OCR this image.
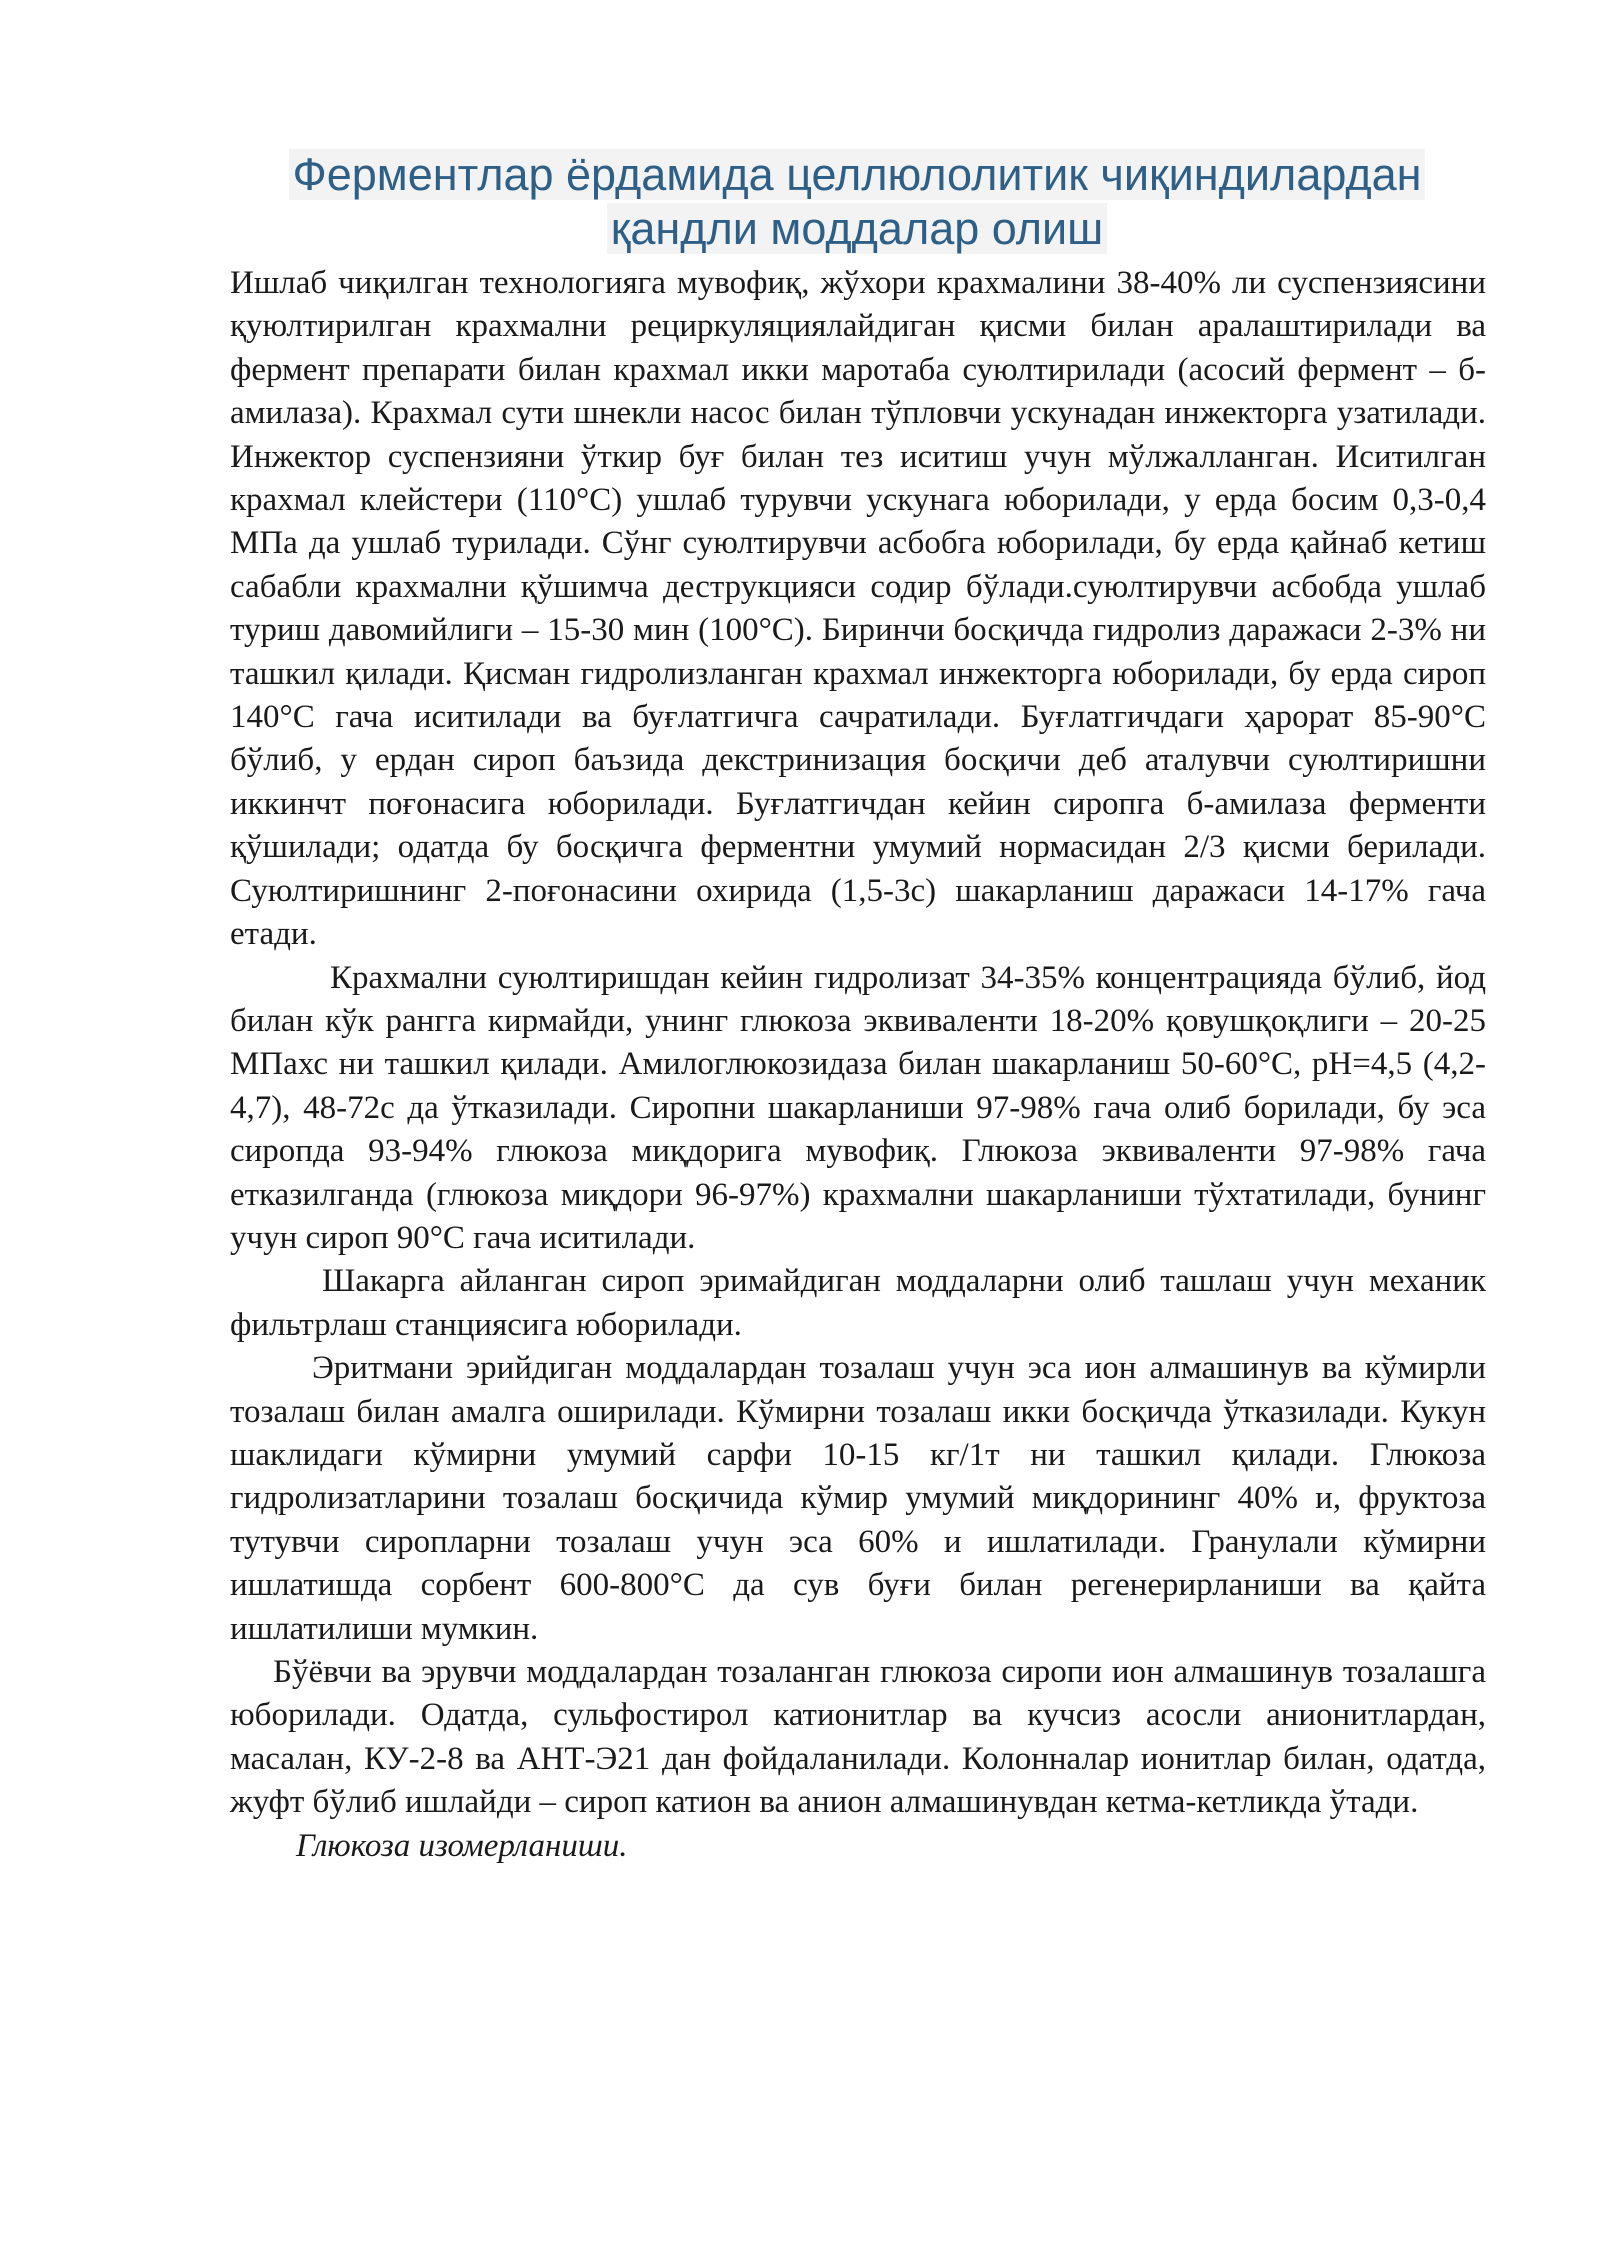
Ферментлар ёрдамида целлюлолитик чиқиндилардан
қандли моддалар олиш

Ишлаб чиқилган технологияга мувофиқ, жўхори крахмалини 38-40% ли суспензиясини қуюлтирилган крахмални рециркуляциялайдиган қисми билан аралаштирилади ва фермент препарати билан крахмал икки маротаба суюлтирилади (асосий фермент – б-амилаза). Крахмал сути шнекли насос билан тўпловчи ускунадан инжекторга узатилади. Инжектор суспензияни ўткир буғ билан тез иситиш учун мўлжалланган. Иситилган крахмал клейстери (110°С) ушлаб турувчи ускунага юборилади, у ерда босим 0,3-0,4 МПа да ушлаб турилади. Сўнг суюлтирувчи асбобга юборилади, бу ерда қайнаб кетиш сабабли крахмални қўшимча деструкцияси содир бўлади.суюлтирувчи асбобда ушлаб туриш давомийлиги – 15-30 мин (100°С). Биринчи босқичда гидролиз даражаси 2-3% ни ташкил қилади. Қисман гидролизланган крахмал инжекторга юборилади, бу ерда сироп 140°С гача иситилади ва буғлатгичга сачратилади. Буғлатгичдаги ҳарорат 85-90°С бўлиб, у ердан сироп баъзида декстринизация босқичи деб аталувчи суюлтиришни иккинчт поғонасига юборилади. Буғлатгичдан кейин сиропга б-амилаза ферменти қўшилади; одатда бу босқичга ферментни умумий нормасидан 2/3 қисми берилади. Суюлтиришнинг 2-поғонасини охирида (1,5-3с) шакарланиш даражаси 14-17% гача етади.

Крахмални суюлтиришдан кейин гидролизат 34-35% концентрацияда бўлиб, йод билан кўк рангга кирмайди, унинг глюкоза эквиваленти 18-20% қовушқоқлиги – 20-25 МПахс ни ташкил қилади. Амилоглюкозидаза билан шакарланиш 50-60°С, рН=4,5 (4,2-4,7), 48-72с да ўтказилади. Сиропни шакарланиши 97-98% гача олиб борилади, бу эса сиропда 93-94% глюкоза миқдорига мувофиқ. Глюкоза эквиваленти 97-98% гача етказилганда (глюкоза миқдори 96-97%) крахмални шакарланиши тўхтатилади, бунинг учун сироп 90°С гача иситилади.

Шакарга айланган сироп эримайдиган моддаларни олиб ташлаш учун механик фильтрлаш станциясига юборилади.

Эритмани эрийдиган моддалардан тозалаш учун эса ион алмашинув ва кўмирли тозалаш билан амалга оширилади. Кўмирни тозалаш икки босқичда ўтказилади. Кукун шаклидаги кўмирни умумий сарфи 10-15 кг/1т ни ташкил қилади. Глюкоза гидролизатларини тозалаш босқичида кўмир умумий миқдорининг 40% и, фруктоза тутувчи сиропларни тозалаш учун эса 60% и ишлатилади. Гранулали кўмирни ишлатишда сорбент 600-800°С да сув буғи билан регенерирланиши ва қайта ишлатилиши мумкин.

Бўёвчи ва эрувчи моддалардан тозаланган глюкоза сиропи ион алмашинув тозалашга юборилади. Одатда, сульфостирол катионитлар ва кучсиз асосли анионитлардан, масалан, КУ-2-8 ва АНТ-Э21 дан фойдаланилади. Колонналар ионитлар билан, одатда, жуфт бўлиб ишлайди – сироп катион ва анион алмашинувдан кетма-кетликда ўтади.

Глюкоза изомерланиши.
